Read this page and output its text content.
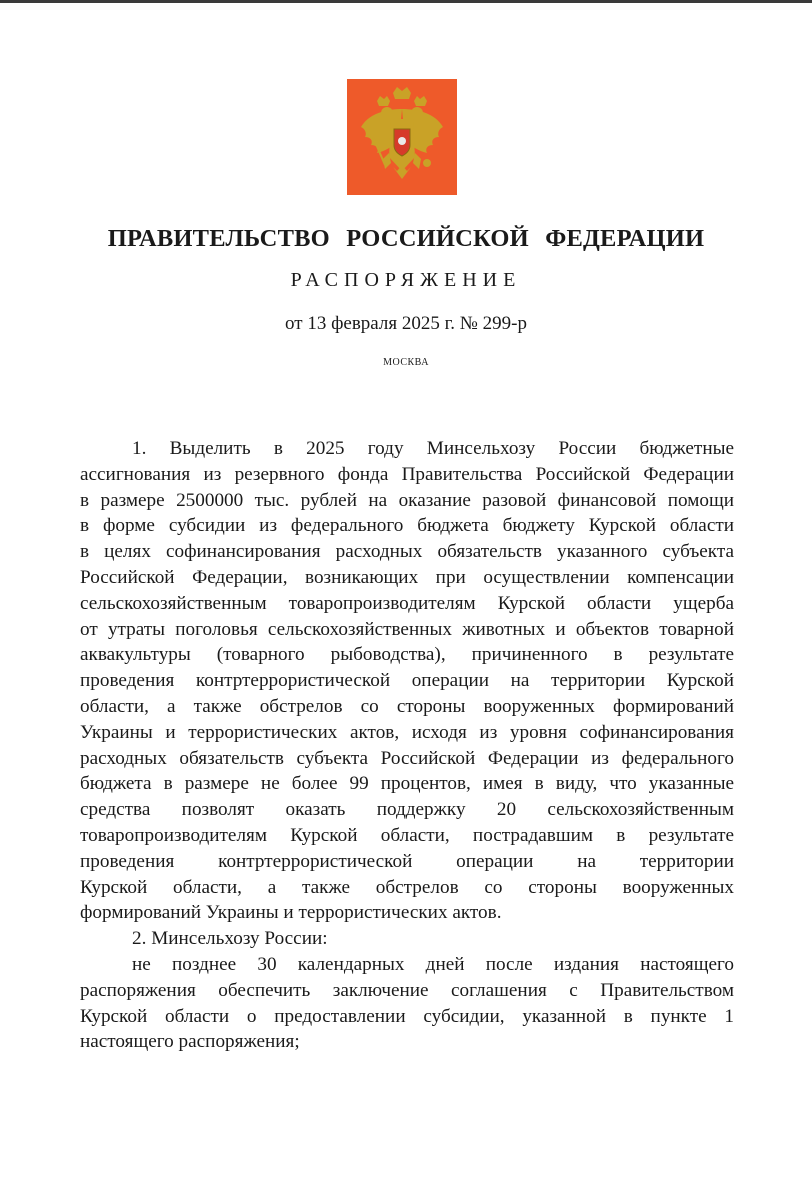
ПРАВИТЕЛЬСТВО РОССИЙСКОЙ ФЕДЕРАЦИИ
РАСПОРЯЖЕНИЕ
от 13 февраля 2025 г. № 299-р
МОСКВА
1. Выделить в 2025 году Минсельхозу России бюджетные
ассигнования из резервного фонда Правительства Российской Федерации
в размере 2500000 тыс. рублей на оказание разовой финансовой помощи
в форме субсидии из федерального бюджета бюджету Курской области
в целях софинансирования расходных обязательств указанного субъекта
Российской Федерации, возникающих при осуществлении компенсации
сельскохозяйственным товаропроизводителям Курской области ущерба
от утраты поголовья сельскохозяйственных животных и объектов товарной
аквакультуры (товарного рыбоводства), причиненного в результате
проведения контртеррористической операции на территории Курской
области, а также обстрелов со стороны вооруженных формирований
Украины и террористических актов, исходя из уровня софинансирования
расходных обязательств субъекта Российской Федерации из федерального
бюджета в размере не более 99 процентов, имея в виду, что указанные
средства позволят оказать поддержку 20 сельскохозяйственным
товаропроизводителям Курской области, пострадавшим в результате
проведения контртеррористической операции на территории
Курской области, а также обстрелов со стороны вооруженных
формирований Украины и террористических актов.
2. Минсельхозу России:
не позднее 30 календарных дней после издания настоящего
распоряжения обеспечить заключение соглашения с Правительством
Курской области о предоставлении субсидии, указанной в пункте 1
настоящего распоряжения;
